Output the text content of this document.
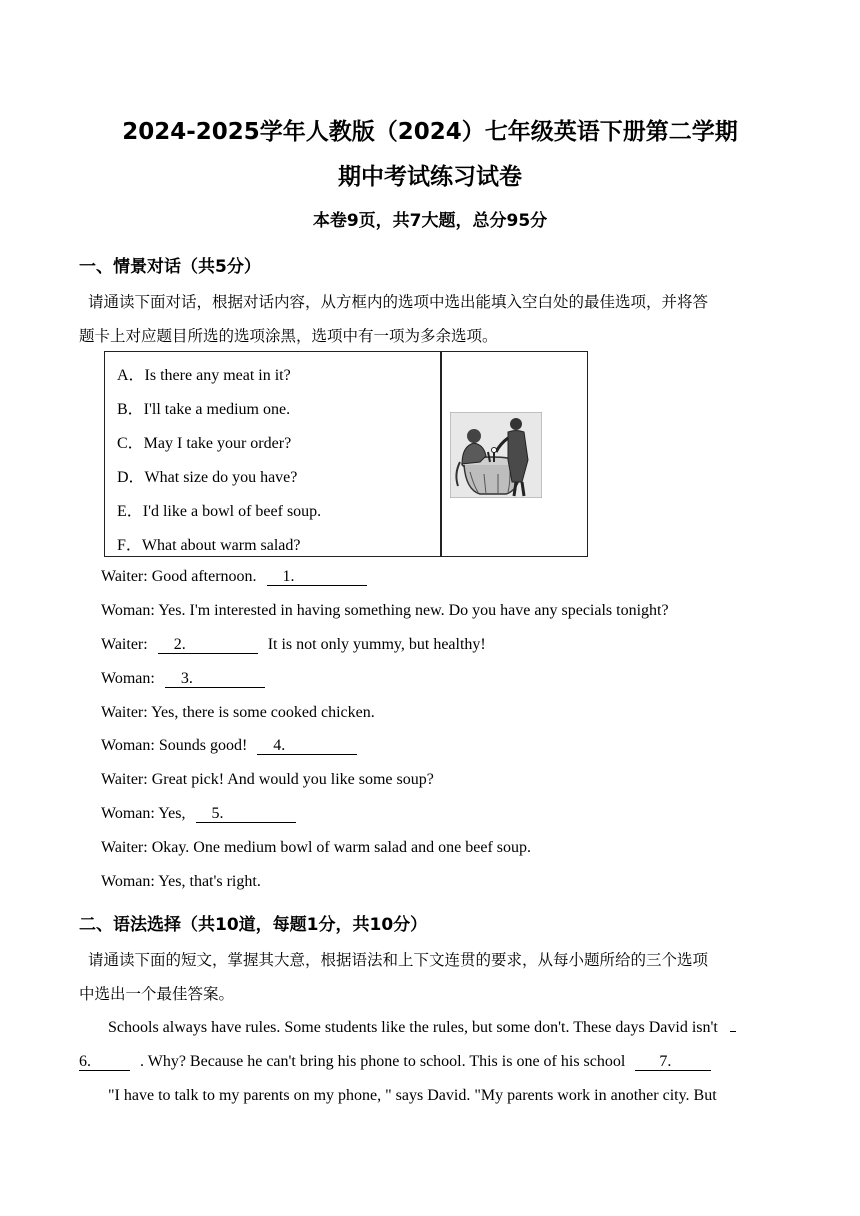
2024-2025学年人教版（2024）七年级英语下册第二学期
期中考试练习试卷
本卷9页，共7大题，总分95分
一、情景对话（共5分）
请通读下面对话，根据对话内容，从方框内的选项中选出能填入空白处的最佳选项，并将答
题卡上对应题目所选的选项涂黑，选项中有一项为多余选项。
A．Is there any meat in it?
B．I'll take a medium one.
C．May I take your order?
D．What size do you have?
E．I'd like a bowl of beef soup.
F．What about warm salad?
Waiter: Good afternoon. 1.
Woman: Yes. I'm interested in having something new. Do you have any specials tonight?
Waiter: 2.	It is not only yummy, but healthy!
Woman: 3.
Waiter: Yes, there is some cooked chicken.
Woman: Sounds good! 4.
Waiter: Great pick! And would you like some soup?
Woman: Yes, 5.
Waiter: Okay. One medium bowl of warm salad and one beef soup.
Woman: Yes, that's right.
二、语法选择（共10道，每题1分，共10分）
请通读下面的短文，掌握其大意，根据语法和上下文连贯的要求，从每小题所给的三个选项
中选出一个最佳答案。
Schools always have rules. Some students like the rules, but some don't. These days David isn't
6.	. Why? Because he can't bring his phone to school. This is one of his school 7.
"I have to talk to my parents on my phone, " says David. "My parents work in another city. But
